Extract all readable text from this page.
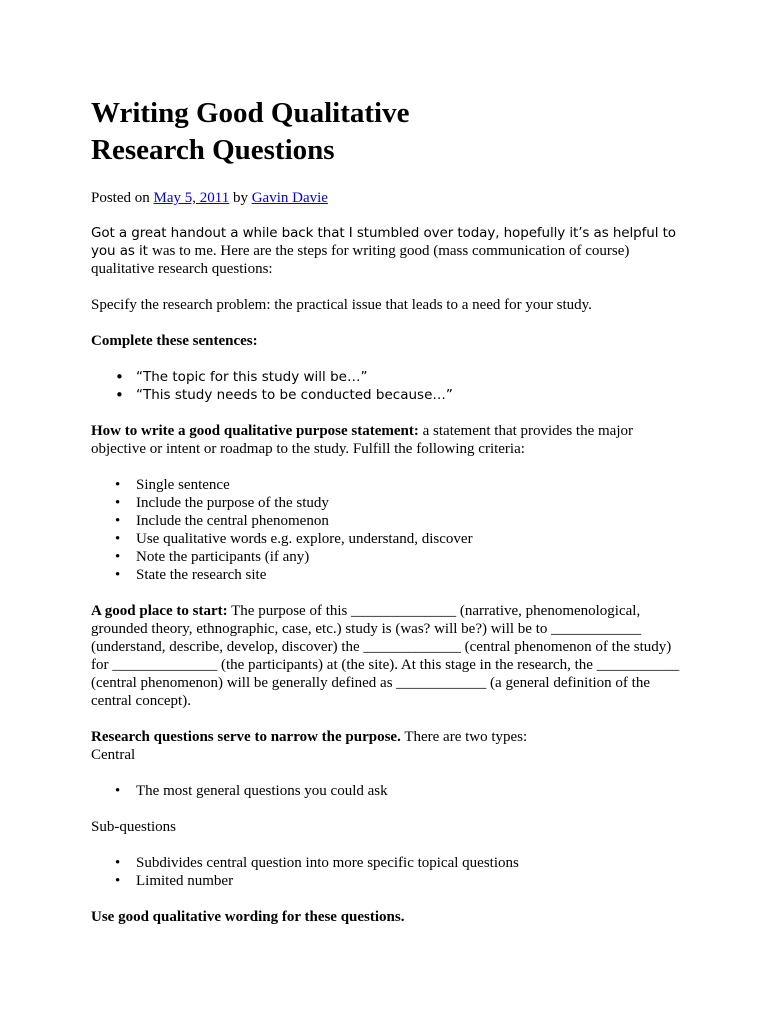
Writing Good Qualitative
Research Questions
Posted on May 5, 2011 by Gavin Davie

Got a great handout a while back that I stumbled over today, hopefully it’s as helpful to you as it was to me. Here are the steps for writing good (mass communication of course) qualitative research questions:

Specify the research problem: the practical issue that leads to a need for your study.

Complete these sentences:

• “The topic for this study will be…”
• “This study needs to be conducted because…”

How to write a good qualitative purpose statement: a statement that provides the major objective or intent or roadmap to the study. Fulfill the following criteria:

• Single sentence
• Include the purpose of the study
• Include the central phenomenon
• Use qualitative words e.g. explore, understand, discover
• Note the participants (if any)
• State the research site

A good place to start: The purpose of this ______________ (narrative, phenomenological, grounded theory, ethnographic, case, etc.) study is (was? will be?) will be to ____________ (understand, describe, develop, discover) the _____________ (central phenomenon of the study) for ______________ (the participants) at (the site). At this stage in the research, the ___________ (central phenomenon) will be generally defined as ____________ (a general definition of the central concept).

Research questions serve to narrow the purpose. There are two types:
Central

• The most general questions you could ask

Sub-questions

• Subdivides central question into more specific topical questions
• Limited number

Use good qualitative wording for these questions.
